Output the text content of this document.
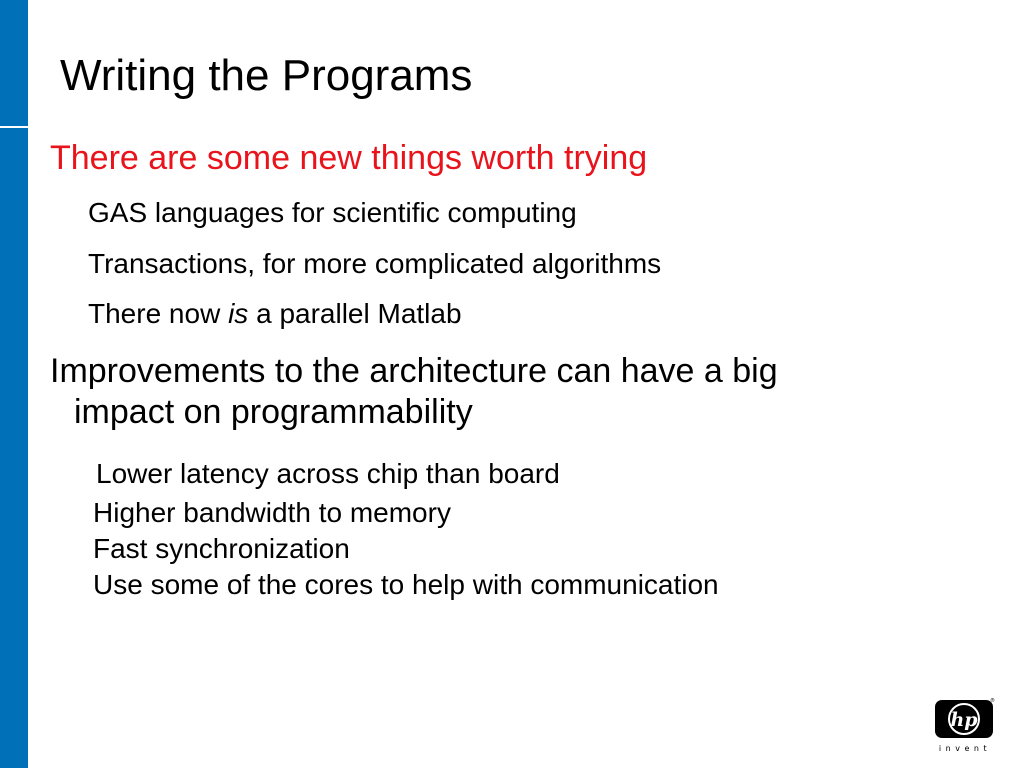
Writing the Programs
There are some new things worth trying
GAS languages for scientific computing
Transactions, for more complicated algorithms
There now is a parallel Matlab
Improvements to the architecture can have a big
impact on programmability
Lower latency across chip than board
Higher bandwidth to memory
Fast synchronization
Use some of the cores to help with communication
hp
®
invent
